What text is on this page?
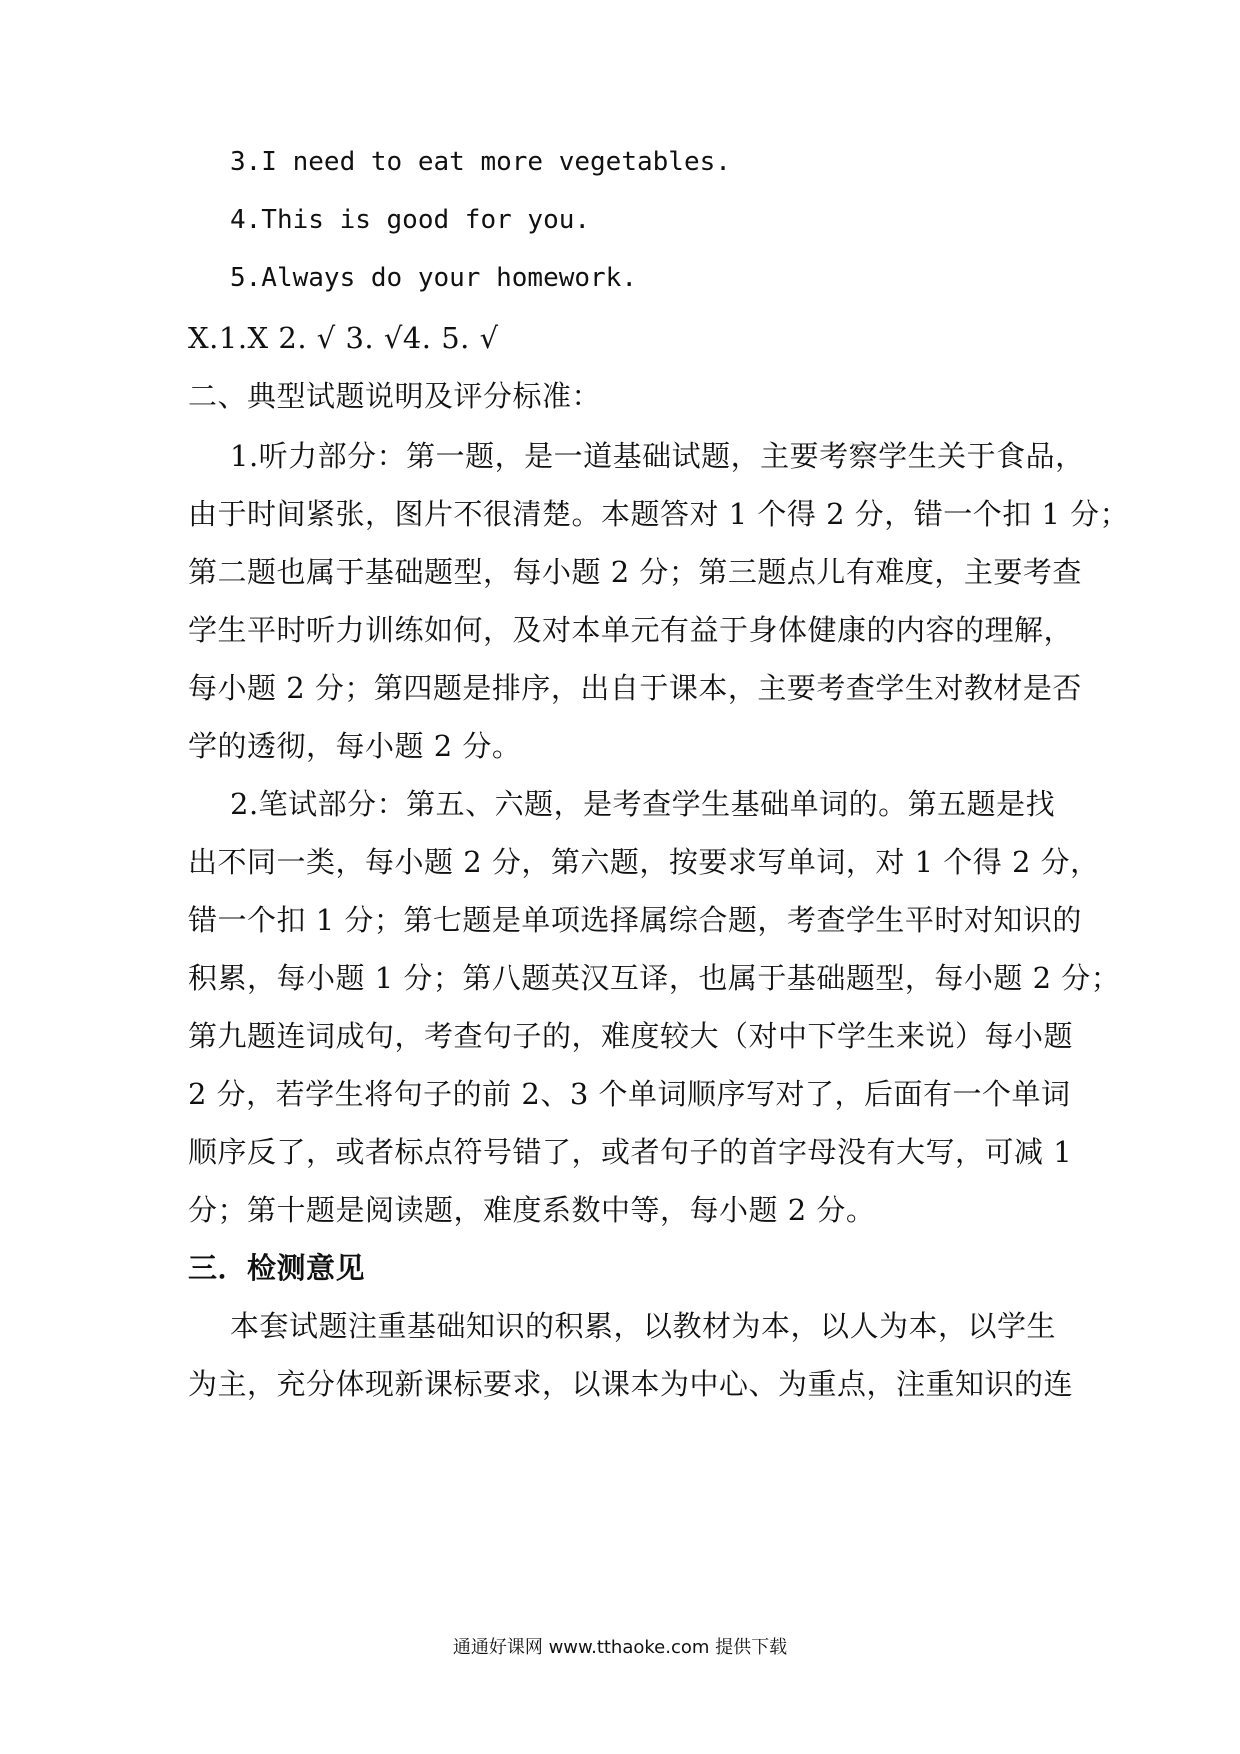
3.I need to eat more vegetables.
4.This is good for you.
5.Always do your homework.
X.1.X 2. √ 3. √4. 5. √
二、典型试题说明及评分标准：
1.听力部分：第一题，是一道基础试题，主要考察学生关于食品，
由于时间紧张，图片不很清楚。本题答对 1 个得 2 分，错一个扣 1 分；
第二题也属于基础题型，每小题 2 分；第三题点儿有难度，主要考查
学生平时听力训练如何，及对本单元有益于身体健康的内容的理解，
每小题 2 分；第四题是排序，出自于课本，主要考查学生对教材是否
学的透彻，每小题 2 分。
2.笔试部分：第五、六题，是考查学生基础单词的。第五题是找
出不同一类，每小题 2 分，第六题，按要求写单词，对 1 个得 2 分，
错一个扣 1 分；第七题是单项选择属综合题，考查学生平时对知识的
积累，每小题 1 分；第八题英汉互译，也属于基础题型，每小题 2 分；
第九题连词成句，考查句子的，难度较大（对中下学生来说）每小题
2 分，若学生将句子的前 2、3 个单词顺序写对了，后面有一个单词
顺序反了，或者标点符号错了，或者句子的首字母没有大写，可减 1
分；第十题是阅读题，难度系数中等，每小题 2 分。
三．检测意见
本套试题注重基础知识的积累，以教材为本，以人为本，以学生
为主，充分体现新课标要求，以课本为中心、为重点，注重知识的连
通通好课网 www.tthaoke.com 提供下载
